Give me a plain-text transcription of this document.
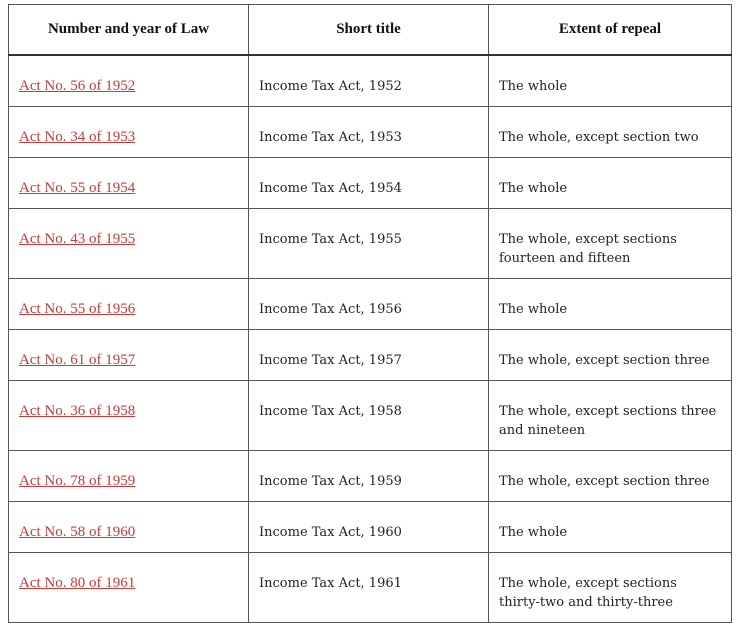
Number and year of Law	Short title	Extent of repeal
Act No. 56 of 1952	Income Tax Act, 1952	The whole
Act No. 34 of 1953	Income Tax Act, 1953	The whole, except section two
Act No. 55 of 1954	Income Tax Act, 1954	The whole
Act No. 43 of 1955	Income Tax Act, 1955	The whole, except sections fourteen and fifteen
Act No. 55 of 1956	Income Tax Act, 1956	The whole
Act No. 61 of 1957	Income Tax Act, 1957	The whole, except section three
Act No. 36 of 1958	Income Tax Act, 1958	The whole, except sections three and nineteen
Act No. 78 of 1959	Income Tax Act, 1959	The whole, except section three
Act No. 58 of 1960	Income Tax Act, 1960	The whole
Act No. 80 of 1961	Income Tax Act, 1961	The whole, except sections thirty-two and thirty-three
